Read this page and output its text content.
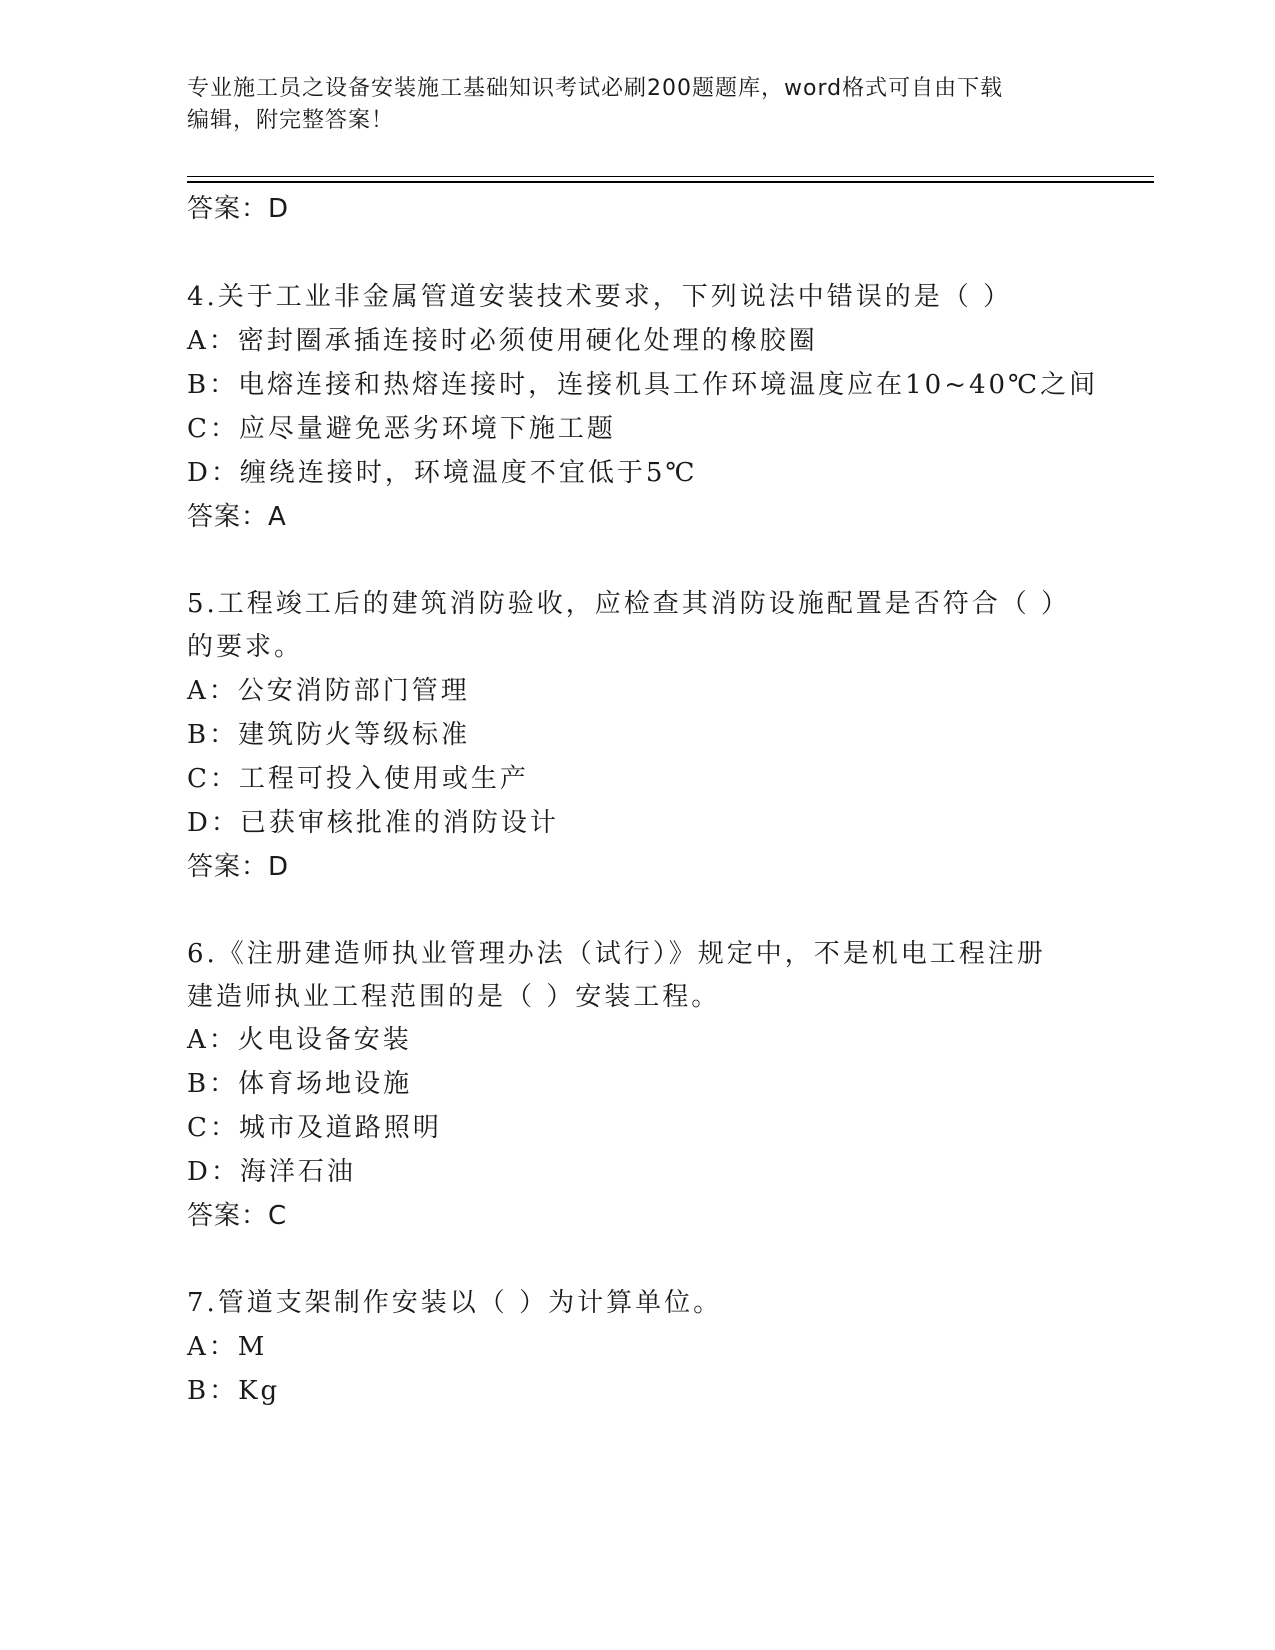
专业施工员之设备安装施工基础知识考试必刷200题题库，word格式可自由下载
编辑，附完整答案！
答案：D
4.关于工业非金属管道安装技术要求，下列说法中错误的是（ ）
A：密封圈承插连接时必须使用硬化处理的橡胶圈
B：电熔连接和热熔连接时，连接机具工作环境温度应在10~40℃之间
C：应尽量避免恶劣环境下施工题
D：缠绕连接时，环境温度不宜低于5℃
答案：A
5.工程竣工后的建筑消防验收，应检查其消防设施配置是否符合（ ）
的要求。
A：公安消防部门管理
B：建筑防火等级标准
C：工程可投入使用或生产
D：已获审核批准的消防设计
答案：D
6.《注册建造师执业管理办法（试行）》规定中，不是机电工程注册
建造师执业工程范围的是（ ）安装工程。
A：火电设备安装
B：体育场地设施
C：城市及道路照明
D：海洋石油
答案：C
7.管道支架制作安装以（ ）为计算单位。
A：M
B：Kg
